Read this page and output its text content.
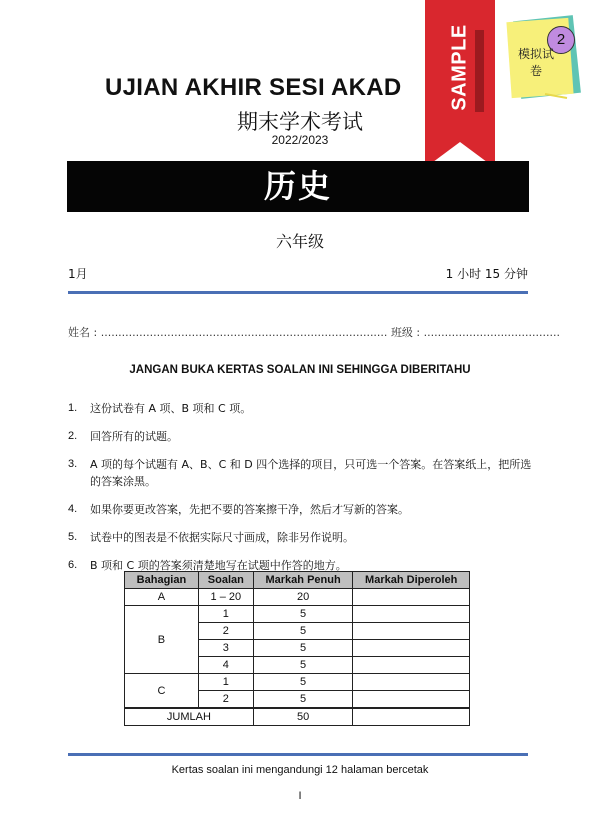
UJIAN AKHIR SESI AKAD
期末学术考试
2022/2023
SAMPLE	2
模拟试卷
历史
六年级
1月	1 小时 15 分钟
姓名 : .................................................................................. 班级 : .......................................
JANGAN BUKA KERTAS SOALAN INI SEHINGGA DIBERITAHU
1. 这份试卷有 A 项、B 项和 C 项。
2. 回答所有的试题。
3. A 项的每个试题有 A、B、C 和 D 四个选择的项目，只可选一个答案。在答案纸上，把所选的答案涂黑。
4. 如果你要更改答案，先把不要的答案擦干净，然后才写新的答案。
5. 试卷中的图表是不依据实际尺寸画成，除非另作说明。
6. B 项和 C 项的答案须清楚地写在试题中作答的地方。
Bahagian	Soalan	Markah Penuh	Markah Diperoleh
A	1 – 20	20	
B	1	5	
	2	5	
	3	5	
	4	5	
C	1	5	
	2	5	
JUMLAH		50	
Kertas soalan ini mengandungi 12 halaman bercetak
I
